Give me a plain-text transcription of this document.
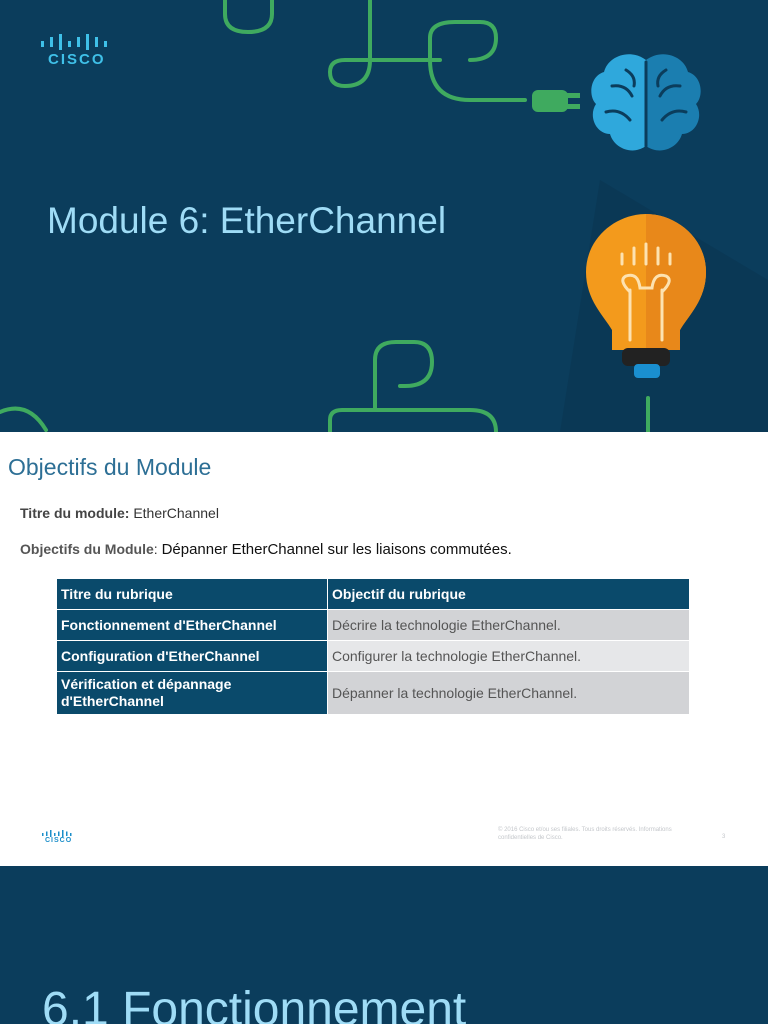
CISCO
Module 6: EtherChannel
Objectifs du Module
Titre du module: EtherChannel
Objectifs du Module: Dépanner EtherChannel sur les liaisons commutées.
Titre du rubrique	Objectif du rubrique
Fonctionnement d'EtherChannel	Décrire la technologie EtherChannel.
Configuration d'EtherChannel	Configurer la technologie EtherChannel.
Vérification et dépannage d'EtherChannel	Dépanner la technologie EtherChannel.
CISCO
© 2016 Cisco et/ou ses filiales. Tous droits réservés. Informations confidentielles de Cisco.	3
6.1 Fonctionnement
